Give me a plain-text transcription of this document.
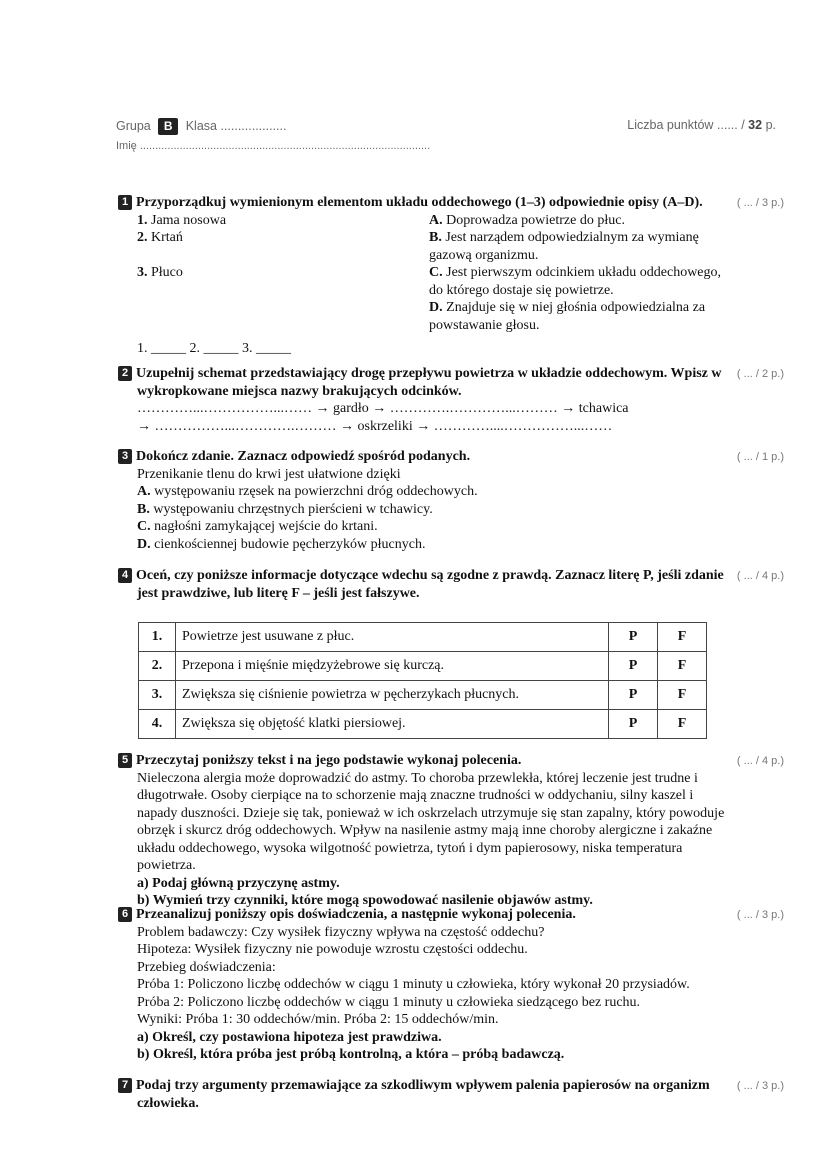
Grupa B Klasa ...................	Liczba punktów ...... / 32 p.
Imię ...............................................................................................
( ... / 3 p.)
1 Przyporządkuj wymienionym elementom układu oddechowego (1–3) odpowiednie opisy (A–D).
1. Jama nosowa	A. Doprowadza powietrze do płuc.
2. Krtań	B. Jest narządem odpowiedzialnym za wymianę gazową organizmu.
3. Płuco	C. Jest pierwszym odcinkiem układu oddechowego, do którego dostaje się powietrze.
D. Znajduje się w niej głośnia odpowiedzialna za powstawanie głosu.
1. _____ 2. _____ 3. _____
( ... / 2 p.)
2 Uzupełnij schemat przedstawiający drogę przepływu powietrza w układzie oddechowym. Wpisz w wykropkowane miejsca nazwy brakujących odcinków.
…………...……………...…… → gardło → ………….…………...……… → tchawica
→ ……………...………….……… → oskrzeliki → …………....……………...……
( ... / 1 p.)
3 Dokończ zdanie. Zaznacz odpowiedź spośród podanych.
Przenikanie tlenu do krwi jest ułatwione dzięki
A. występowaniu rzęsek na powierzchni dróg oddechowych.
B. występowaniu chrzęstnych pierścieni w tchawicy.
C. nagłośni zamykającej wejście do krtani.
D. cienkościennej budowie pęcherzyków płucnych.
( ... / 4 p.)
4 Oceń, czy poniższe informacje dotyczące wdechu są zgodne z prawdą. Zaznacz literę P, jeśli zdanie jest prawdziwe, lub literę F – jeśli jest fałszywe.
1.	Powietrze jest usuwane z płuc.	P	F
2.	Przepona i mięśnie międzyżebrowe się kurczą.	P	F
3.	Zwiększa się ciśnienie powietrza w pęcherzykach płucnych.	P	F
4.	Zwiększa się objętość klatki piersiowej.	P	F
( ... / 4 p.)
5 Przeczytaj poniższy tekst i na jego podstawie wykonaj polecenia.
Nieleczona alergia może doprowadzić do astmy. To choroba przewlekła, której leczenie jest trudne i długotrwałe. Osoby cierpiące na to schorzenie mają znaczne trudności w oddychaniu, silny kaszel i napady duszności. Dzieje się tak, ponieważ w ich oskrzelach utrzymuje się stan zapalny, który powoduje obrzęk i skurcz dróg oddechowych. Wpływ na nasilenie astmy mają inne choroby alergiczne i zakaźne układu oddechowego, wysoka wilgotność powietrza, tytoń i dym papierosowy, niska temperatura powietrza.
a) Podaj główną przyczynę astmy.
b) Wymień trzy czynniki, które mogą spowodować nasilenie objawów astmy.
( ... / 3 p.)
6 Przeanalizuj poniższy opis doświadczenia, a następnie wykonaj polecenia.
Problem badawczy: Czy wysiłek fizyczny wpływa na częstość oddechu?
Hipoteza: Wysiłek fizyczny nie powoduje wzrostu częstości oddechu.
Przebieg doświadczenia:
Próba 1: Policzono liczbę oddechów w ciągu 1 minuty u człowieka, który wykonał 20 przysiadów.
Próba 2: Policzono liczbę oddechów w ciągu 1 minuty u człowieka siedzącego bez ruchu.
Wyniki: Próba 1: 30 oddechów/min. Próba 2: 15 oddechów/min.
a) Określ, czy postawiona hipoteza jest prawdziwa.
b) Określ, która próba jest próbą kontrolną, a która – próbą badawczą.
( ... / 3 p.)
7 Podaj trzy argumenty przemawiające za szkodliwym wpływem palenia papierosów na organizm człowieka.
